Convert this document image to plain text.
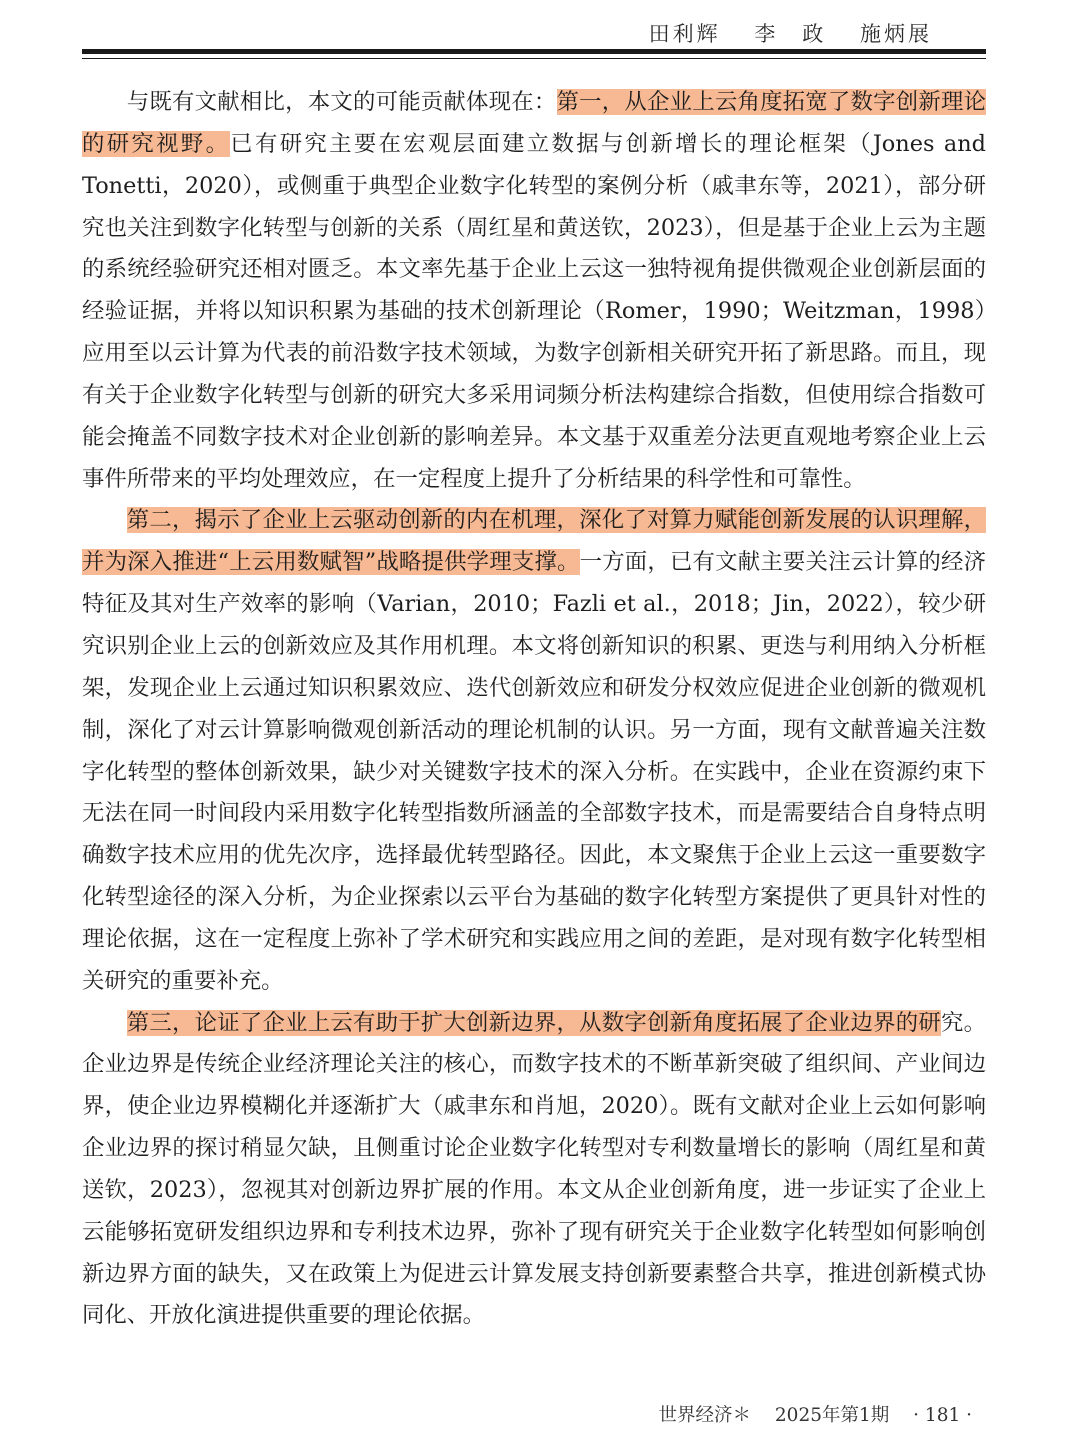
田利辉 李　政 施炳展

与既有文献相比，本文的可能贡献体现在：第一，从企业上云角度拓宽了数字创新理论的研究视野。已有研究主要在宏观层面建立数据与创新增长的理论框架（Jones and Tonetti，2020），或侧重于典型企业数字化转型的案例分析（戚聿东等，2021），部分研究也关注到数字化转型与创新的关系（周红星和黄送钦，2023），但是基于企业上云为主题的系统经验研究还相对匮乏。本文率先基于企业上云这一独特视角提供微观企业创新层面的经验证据，并将以知识积累为基础的技术创新理论（Romer，1990；Weitzman，1998）应用至以云计算为代表的前沿数字技术领域，为数字创新相关研究开拓了新思路。而且，现有关于企业数字化转型与创新的研究大多采用词频分析法构建综合指数，但使用综合指数可能会掩盖不同数字技术对企业创新的影响差异。本文基于双重差分法更直观地考察企业上云事件所带来的平均处理效应，在一定程度上提升了分析结果的科学性和可靠性。

第二，揭示了企业上云驱动创新的内在机理，深化了对算力赋能创新发展的认识理解，并为深入推进“上云用数赋智”战略提供学理支撑。一方面，已有文献主要关注云计算的经济特征及其对生产效率的影响（Varian，2010；Fazli et al.，2018；Jin，2022），较少研究识别企业上云的创新效应及其作用机理。本文将创新知识的积累、更迭与利用纳入分析框架，发现企业上云通过知识积累效应、迭代创新效应和研发分权效应促进企业创新的微观机制，深化了对云计算影响微观创新活动的理论机制的认识。另一方面，现有文献普遍关注数字化转型的整体创新效果，缺少对关键数字技术的深入分析。在实践中，企业在资源约束下无法在同一时间段内采用数字化转型指数所涵盖的全部数字技术，而是需要结合自身特点明确数字技术应用的优先次序，选择最优转型路径。因此，本文聚焦于企业上云这一重要数字化转型途径的深入分析，为企业探索以云平台为基础的数字化转型方案提供了更具针对性的理论依据，这在一定程度上弥补了学术研究和实践应用之间的差距，是对现有数字化转型相关研究的重要补充。

第三，论证了企业上云有助于扩大创新边界，从数字创新角度拓展了企业边界的研究。企业边界是传统企业经济理论关注的核心，而数字技术的不断革新突破了组织间、产业间边界，使企业边界模糊化并逐渐扩大（戚聿东和肖旭，2020）。既有文献对企业上云如何影响企业边界的探讨稍显欠缺，且侧重讨论企业数字化转型对专利数量增长的影响（周红星和黄送钦，2023），忽视其对创新边界扩展的作用。本文从企业创新角度，进一步证实了企业上云能够拓宽研发组织边界和专利技术边界，弥补了现有研究关于企业数字化转型如何影响创新边界方面的缺失，又在政策上为促进云计算发展支持创新要素整合共享，推进创新模式协同化、开放化演进提供重要的理论依据。

世界经济＊ 2025年第1期 · 181 ·
